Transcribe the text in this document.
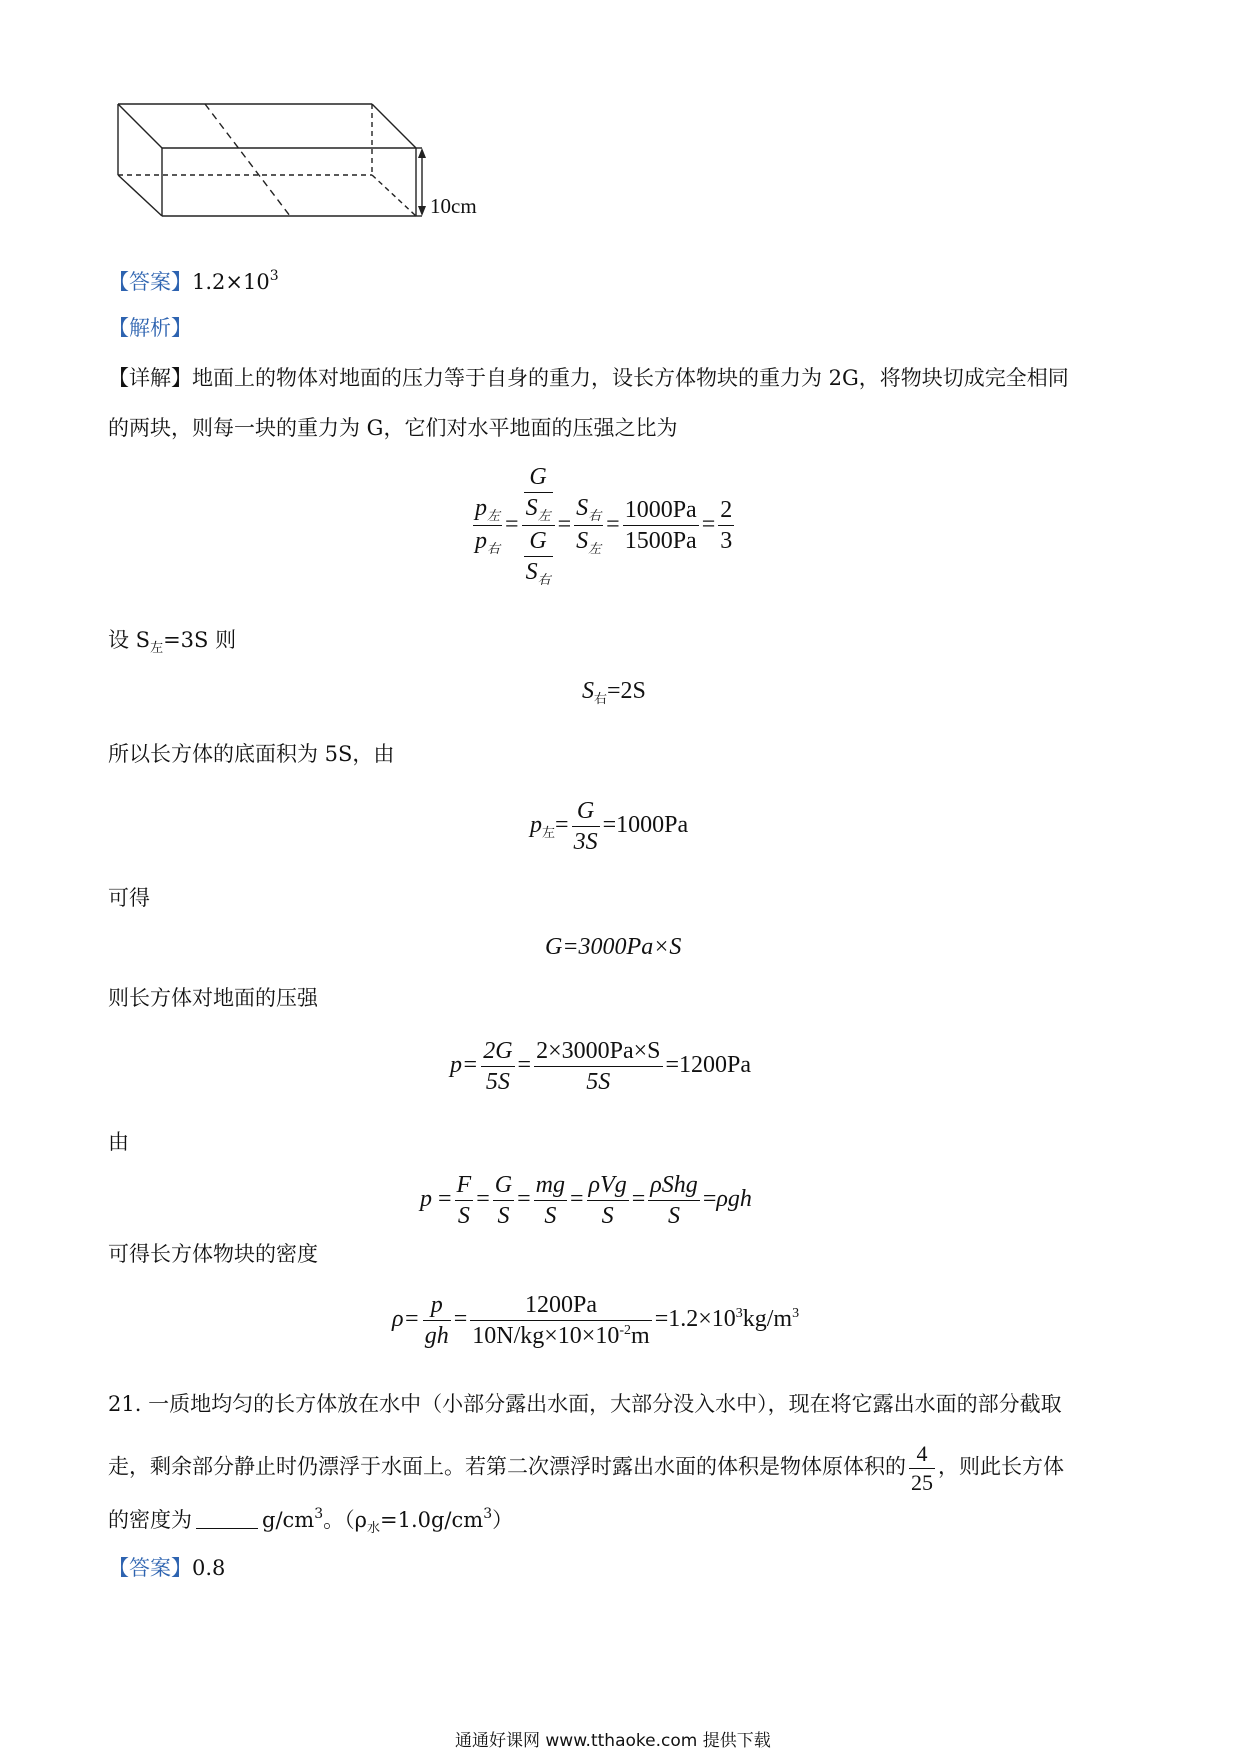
10cm
【答案】$1.2\times 10^3$
【解析】
【详解】地面上的物体对地面的压力等于自身的重力，设长方体物块的重力为 2G，将物块切成完全相同
的两块，则每一块的重力为 G，它们对水平地面的压强之比为
$\frac{p_左}{p_右} = \frac{\frac{G}{S_左}}{\frac{G}{S_右}} = \frac{S_右}{S_左} = \frac{1000Pa}{1500Pa} = \frac{2}{3}$
设 $S_左=3S$ 则
$S_右=2S$
所以长方体的底面积为 5S，由
$p_左= \frac{G}{3S} =1000Pa$
可得
G=3000Pa×S
则长方体对地面的压强
$p= \frac{2G}{5S} = \frac{2\times 3000Pa\times S}{5S} =1200Pa$
由
$p = \frac{F}{S} = \frac{G}{S} = \frac{mg}{S} = \frac{\text{ρVg}}{S} = \frac{\text{ρShg}}{S} =\rho gh$
可得长方体物块的密度
$\rho= \frac{p}{gh} = \frac{1200Pa}{10N/kg\times 10\times 10^{-2}m} =1.2\times 10^3kg/m^3$
21. 一质地均匀的长方体放在水中（小部分露出水面，大部分没入水中），现在将它露出水面的部分截取
走，剩余部分静止时仍漂浮于水面上。若第二次漂浮时露出水面的体积是物体原体积的 $\frac{4}{25}$ ，则此长方体
的密度为	$g/cm^3$。$(\rho_水=1.0g/cm^3)$
【答案】0.8
通通好课网 www.tthaoke.com 提供下载
